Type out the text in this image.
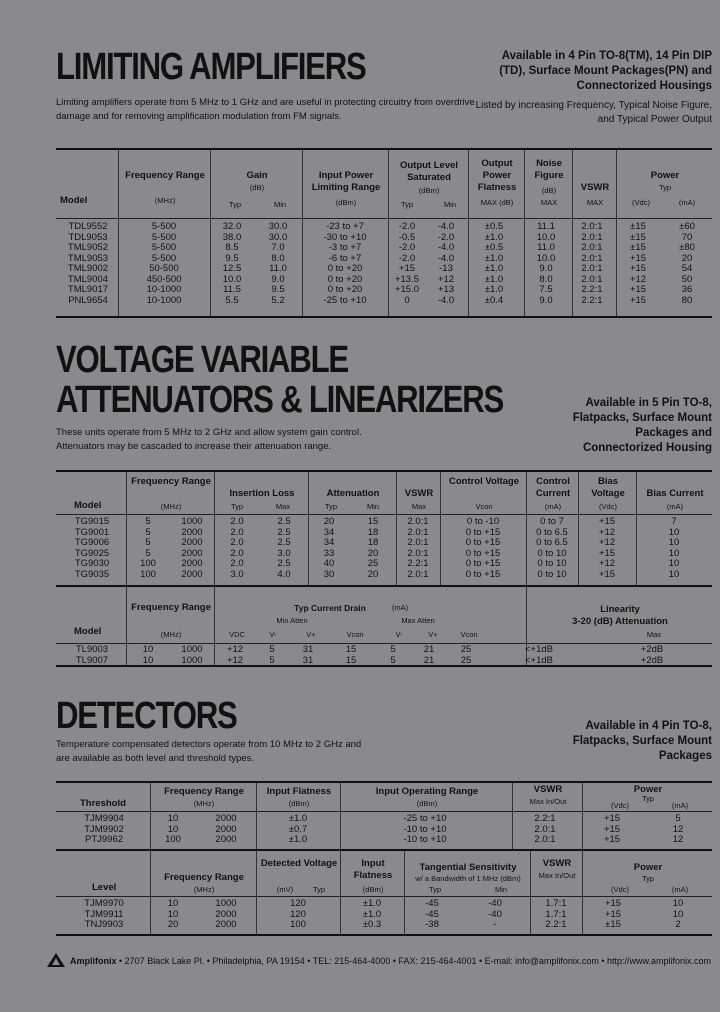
LIMITING AMPLIFIERS	Available in 4 Pin TO-8(TM), 14 Pin DIP
(TD), Surface Mount Packages(PN) and
Connectorized Housings
Listed by increasing Frequency, Typical Noise Figure,
and Typical Power Output
Limiting amplifiers operate from 5 MHz to 1 GHz and are useful in protecting circuitry from overdrive
damage and for removing amplification modulation from FM signals.
Model
Frequency Range
(MHz)
Gain
(dB)
Typ	Min
Input Power Limiting Range
(dBm)
Output Level Saturated
(dBm)
Typ	Min
Output Power Flatness
MAX (dB)
Noise Figure
(dB)
MAX
VSWR
MAX
Power
Typ
(Vdc)	(mA)
TDL9552	5-500	32.0	30.0	-23 to +7	-2.0	-4.0	±0.5	11.1	2.0:1	±15	±60
TDL9053	5-500	38.0	30.0	-30 to +10	-0.5	-2.0	±1.0	10.0	2.0:1	±15	70
TML9052	5-500	8.5	7.0	-3 to +7	-2.0	-4.0	±0.5	11.0	2.0:1	±15	±80
TML9053	5-500	9.5	8.0	-6 to +7	-2.0	-4.0	±1.0	10.0	2.0:1	+15	20
TML9002	50-500	12.5	11.0	0 to +20	+15	-13	±1.0	9.0	2.0:1	+15	54
TML9004	450-500	10.0	9.0	0 to +20	+13.5	+12	±1.0	8.0	2.0:1	+12	50
TML9017	10-1000	11.5	9.5	0 to +20	+15.0	+13	±1.0	7.5	2.2:1	+15	36
PNL9654	10-1000	5.5	5.2	-25 to +10	0	-4.0	±0.4	9.0	2.2:1	+15	80
VOLTAGE VARIABLE
ATTENUATORS & LINEARIZERS	Available in 5 Pin TO-8,
Flatpacks, Surface Mount
Packages and
Connectorized Housing
These units operate from 5 MHz to 2 GHz and allow system gain control.
Attenuators may be cascaded to increase their attenuation range.
Model
Frequency Range
(MHz)
Insertion Loss
Typ	Max
Attenuation
Typ	Min
VSWR
Max
Control Voltage
Vcon
Control Current
(mA)
Bias Voltage
(Vdc)
Bias Current
(mA)
TG9015	5	1000	2.0	2.5	20	15	2.0:1	0 to -10	0 to 7	+15	7
TG9001	5	2000	2.0	2.5	34	18	2.0:1	0 to +15	0 to 6.5	+12	10
TG9006	5	2000	2.0	2.5	34	18	2.0:1	0 to +15	0 to 6.5	+12	10
TG9025	5	2000	2.0	3.0	33	20	2.0:1	0 to +15	0 to 10	+15	10
TG9030	100	2000	2.0	2.5	40	25	2.2:1	0 to +15	0 to 10	+12	10
TG9035	100	2000	3.0	4.0	30	20	2.0:1	0 to +15	0 to 10	+15	10
Model
Frequency Range
(MHz)
Typ Current Drain	(mA)
Min Atten	Max Atten
VDC	V-	V+	Vcon	V-	V+	Vcon
Linearity
3-20 (dB) Attenuation
Max
TL9003	10	1000	+12	5	31	15	5	21	25	<+1dB	+2dB
TL9007	10	1000	+12	5	31	15	5	21	25	<+1dB	+2dB
DETECTORS	Available in 4 Pin TO-8,
Flatpacks, Surface Mount
Packages
Temperature compensated detectors operate from 10 MHz to 2 GHz and
are available as both level and threshold types.
Threshold
Frequency Range
(MHz)
Input Flatness
(dBm)
Input Operating Range
(dBm)
VSWR
Max In/Out
Power
Typ
(Vdc)	(mA)
TJM9904	10	2000	±1.0	-25 to +10	2.2:1	+15	5
TJM9902	10	2000	±0.7	-10 to +10	2.0:1	+15	12
PTJ9962	100	2000	±1.0	-10 to +10	2.0:1	+15	12
Level
Frequency Range
(MHz)
Detected Voltage
(mV)	Typ
Input Flatness
(dBm)
Tangential Sensitivity
w/ a Bandwidth of 1 MHz (dBm)
Typ	Min
VSWR
Max In/Out
Power
Typ
(Vdc)	(mA)
TJM9970	10	1000	120	±1.0	-45	-40	1.7:1	+15	10
TJM9911	10	2000	120	±1.0	-45	-40	1.7:1	+15	10
TNJ9903	20	2000	100	±0.3	-38	-	2.2:1	±15	2
Amplifonix • 2707 Black Lake Pl. • Philadelphia, PA 19154 • TEL: 215-464-4000 • FAX: 215-464-4001 • E-mail: info@amplifonix.com • http://www.amplifonix.com
